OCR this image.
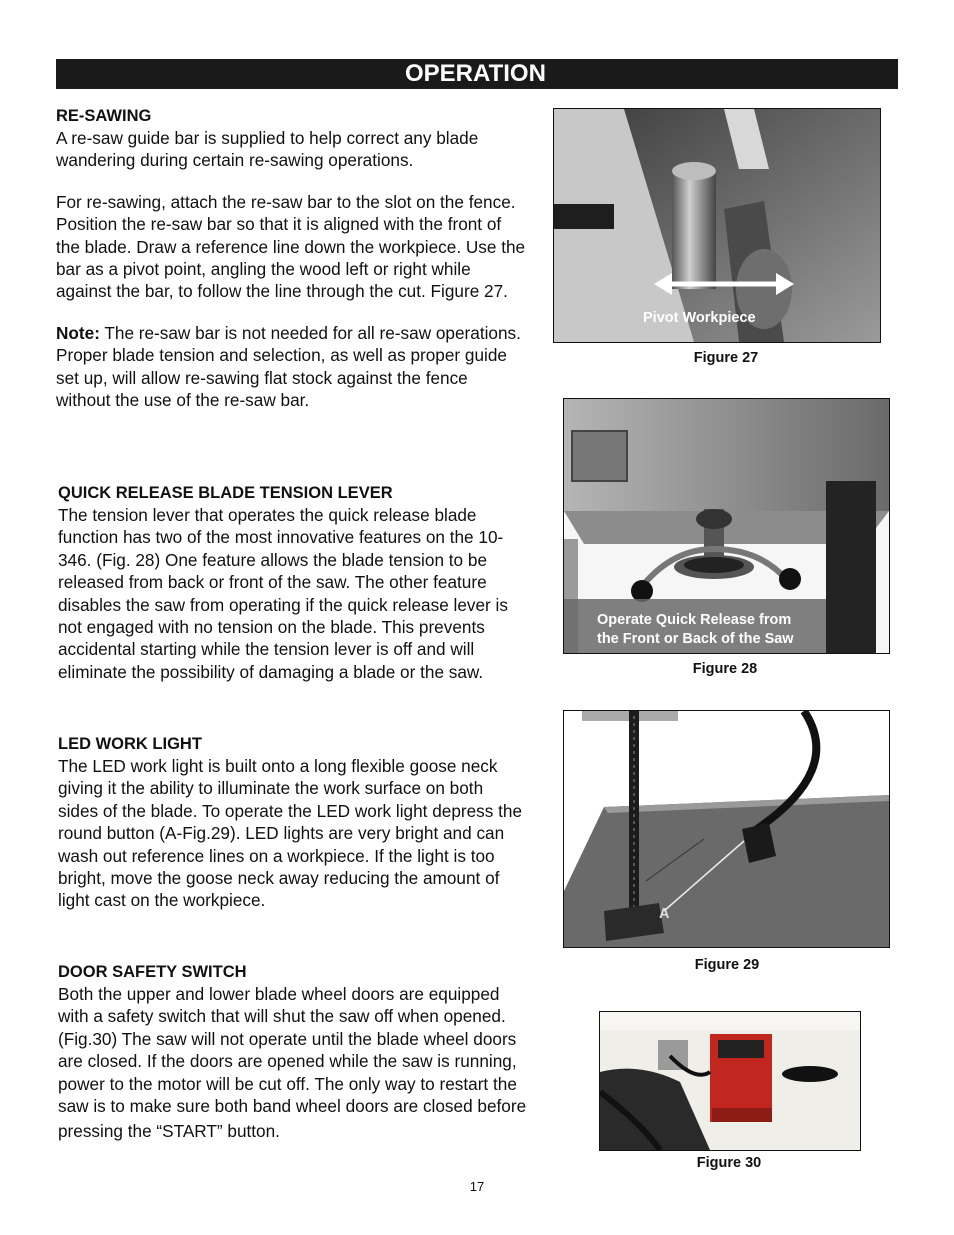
OPERATION
RE-SAWING

A re-saw guide bar is supplied to help correct any blade wandering during certain re-sawing operations.

For re-sawing, attach the re-saw bar to the slot on the fence. Position the re-saw bar so that it is aligned with the front of the blade. Draw a reference line down the workpiece. Use the bar as a pivot point, angling the wood left or right while against the bar, to follow the line through the cut. Figure 27.

Note: The re-saw bar is not needed for all re-saw operations. Proper blade tension and selection, as well as proper guide set up, will allow re-sawing flat stock against the fence without the use of the re-saw bar.

QUICK RELEASE BLADE TENSION LEVER

The tension lever that operates the quick release blade function has two of the most innovative features on the 10-346. (Fig. 28) One feature allows the blade tension to be released from back or front of the saw. The other feature disables the saw from operating if the quick release lever is not engaged with no tension on the blade. This prevents accidental starting while the tension lever is off and will eliminate the possibility of damaging a blade or the saw.

LED WORK LIGHT

The LED work light is built onto a long flexible goose neck giving it the ability to illuminate the work surface on both sides of the blade. To operate the LED work light depress the round button (A-Fig.29). LED lights are very bright and can wash out reference lines on a workpiece. If the light is too bright, move the goose neck away reducing the amount of light cast on the workpiece.

DOOR SAFETY SWITCH

Both the upper and lower blade wheel doors are equipped with a safety switch that will shut the saw off when opened. (Fig.30) The saw will not operate until the blade wheel doors are closed. If the doors are opened while the saw is running, power to the motor will be cut off. The only way to restart the saw is to make sure both band wheel doors are closed before
pressing the “START” button.

Pivot Workpiece
Figure 27
Operate Quick Release from
the Front or Back of the Saw
Figure 28
A
Figure 29
Figure 30
17
